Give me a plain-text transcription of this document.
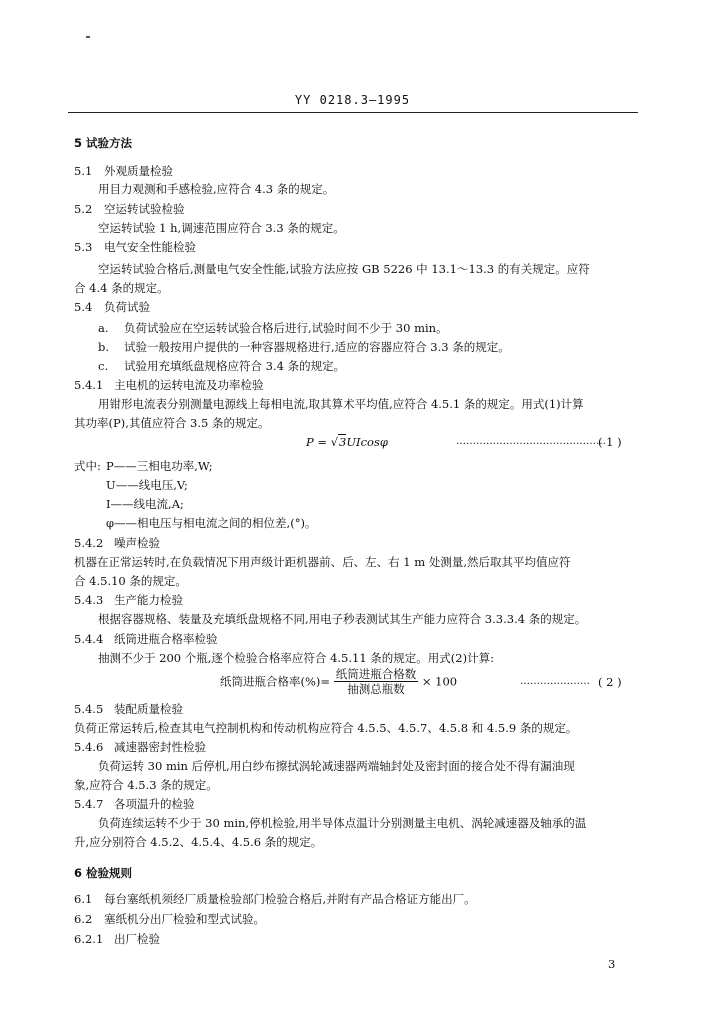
YY 0218.3—1995
5 试验方法
5.1 外观质量检验
用目力观测和手感检验,应符合 4.3 条的规定。
5.2 空运转试验检验
空运转试验 1 h,调速范围应符合 3.3 条的规定。
5.3 电气安全性能检验
空运转试验合格后,测量电气安全性能,试验方法应按 GB 5226 中 13.1～13.3 的有关规定。应符
合 4.4 条的规定。
5.4 负荷试验
a. 负荷试验应在空运转试验合格后进行,试验时间不少于 30 min。
b. 试验一般按用户提供的一种容器规格进行,适应的容器应符合 3.3 条的规定。
c. 试验用充填纸盘规格应符合 3.4 条的规定。
5.4.1 主电机的运转电流及功率检验
用钳形电流表分别测量电源线上每相电流,取其算术平均值,应符合 4.5.1 条的规定。用式(1)计算
其功率(P),其值应符合 3.5 条的规定。
P = √3UIcosφ	………………………………………
( 1 )
式中: P——三相电功率,W;
U——线电压,V;
I——线电流,A;
φ——相电压与相电流之间的相位差,(°)。
5.4.2 噪声检验
机器在正常运转时,在负载情况下用声级计距机器前、后、左、右 1 m 处测量,然后取其平均值应符
合 4.5.10 条的规定。
5.4.3 生产能力检验
根据容器规格、装量及充填纸盘规格不同,用电子秒表测试其生产能力应符合 3.3.3.4 条的规定。
5.4.4 纸筒进瓶合格率检验
抽测不少于 200 个瓶,逐个检验合格率应符合 4.5.11 条的规定。用式(2)计算:
纸筒进瓶合格率(%)= $\frac{\text{纸筒进瓶合格数}}{\text{抽测总瓶数}} \times 100$	………………… ( 2 )
5.4.5 装配质量检验
负荷正常运转后,检查其电气控制机构和传动机构应符合 4.5.5、4.5.7、4.5.8 和 4.5.9 条的规定。
5.4.6 减速器密封性检验
负荷运转 30 min 后停机,用白纱布擦拭涡轮减速器两端轴封处及密封面的接合处不得有漏油现
象,应符合 4.5.3 条的规定。
5.4.7 各项温升的检验
负荷连续运转不少于 30 min,停机检验,用半导体点温计分别测量主电机、涡轮减速器及轴承的温
升,应分别符合 4.5.2、4.5.4、4.5.6 条的规定。
6 检验规则
6.1 每台塞纸机须经厂质量检验部门检验合格后,并附有产品合格证方能出厂。
6.2 塞纸机分出厂检验和型式试验。
6.2.1 出厂检验
3
